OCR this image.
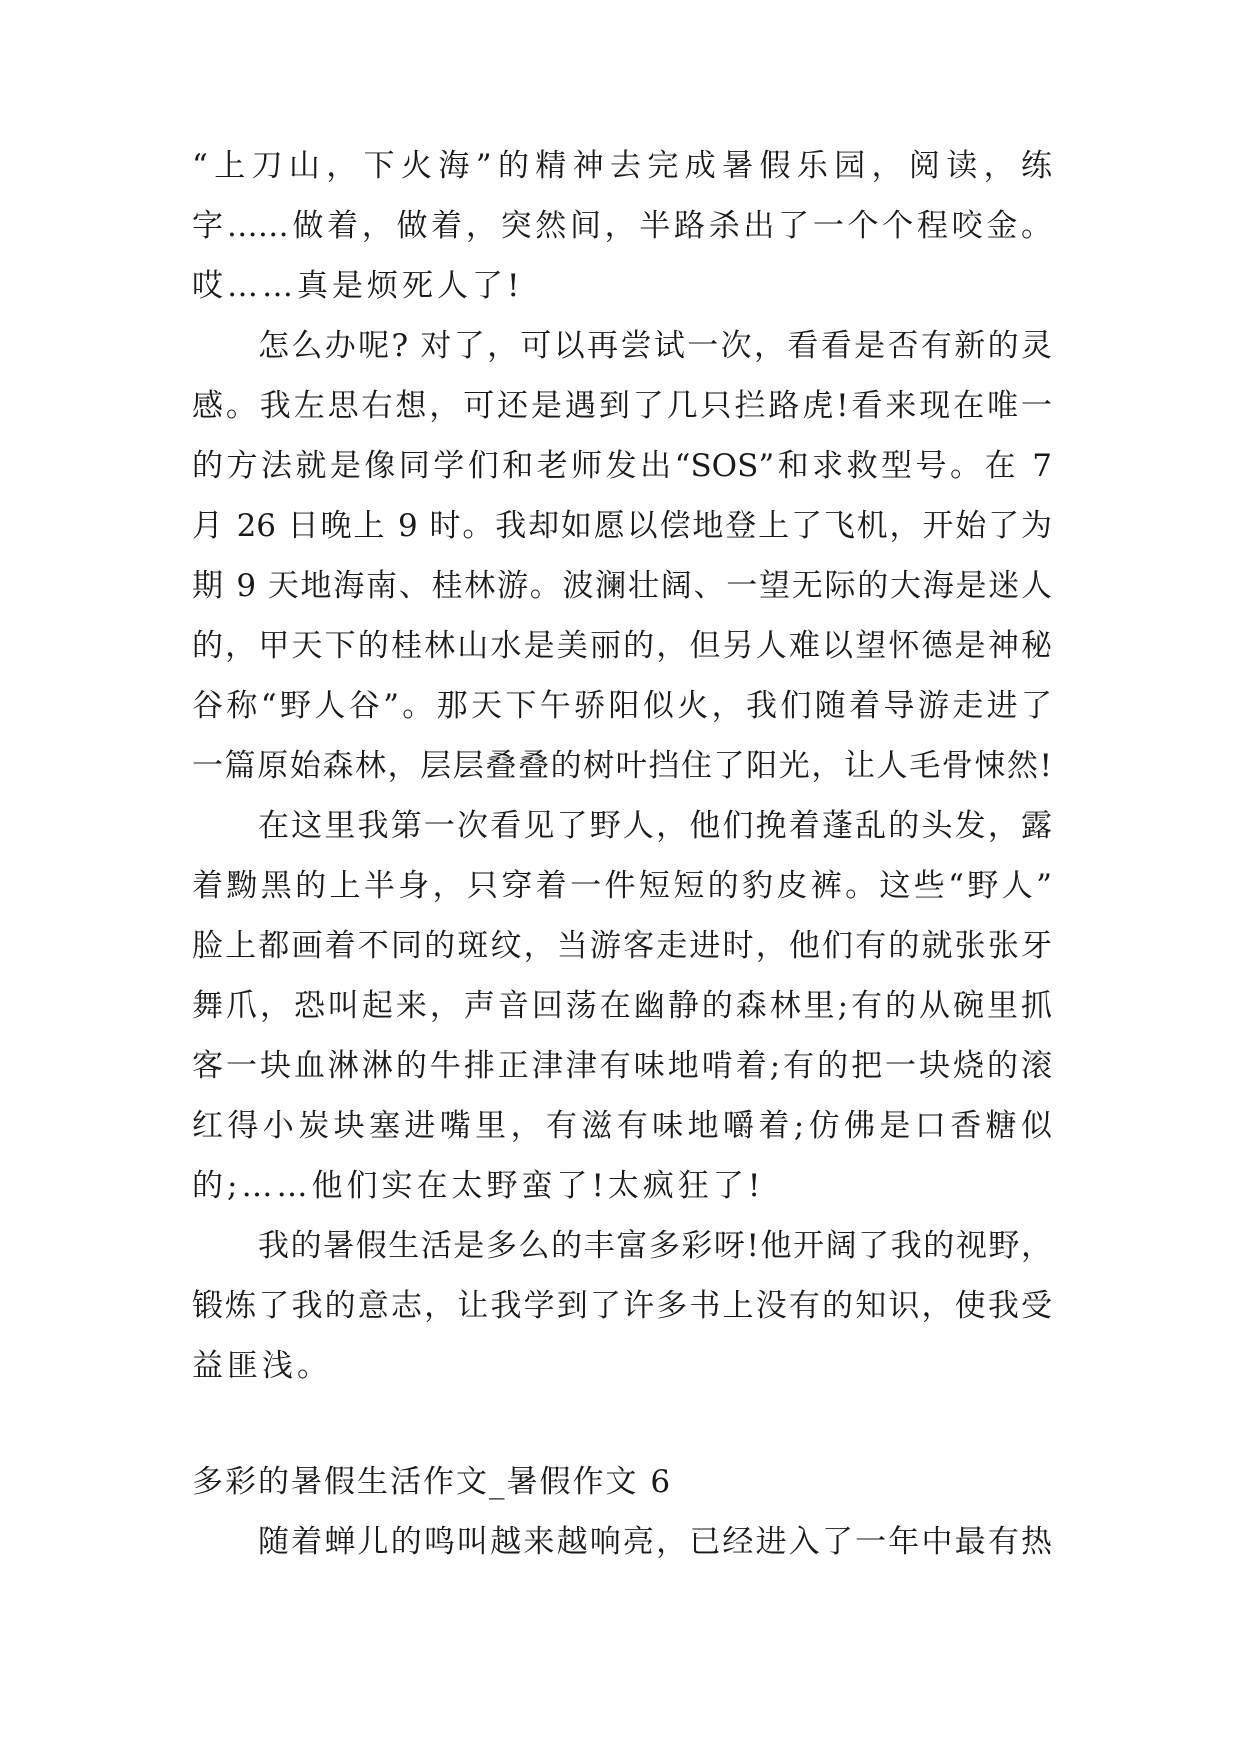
“上刀山，下火海”的精神去完成暑假乐园，阅读，练
字……做着，做着，突然间，半路杀出了一个个程咬金。
哎……真是烦死人了!
怎么办呢? 对了，可以再尝试一次，看看是否有新的灵
感。我左思右想，可还是遇到了几只拦路虎!看来现在唯一
的方法就是像同学们和老师发出“SOS”和求救型号。在 7
月 26 日晚上 9 时。我却如愿以偿地登上了飞机，开始了为
期 9 天地海南、桂林游。波澜壮阔、一望无际的大海是迷人
的，甲天下的桂林山水是美丽的，但另人难以望怀德是神秘
谷称“野人谷”。那天下午骄阳似火，我们随着导游走进了
一篇原始森林，层层叠叠的树叶挡住了阳光，让人毛骨悚然!
在这里我第一次看见了野人，他们挽着蓬乱的头发，露
着黝黑的上半身，只穿着一件短短的豹皮裤。这些“野人”
脸上都画着不同的斑纹，当游客走进时，他们有的就张张牙
舞爪，恐叫起来，声音回荡在幽静的森林里;有的从碗里抓
客一块血淋淋的牛排正津津有味地啃着;有的把一块烧的滚
红得小炭块塞进嘴里，有滋有味地嚼着;仿佛是口香糖似
的;……他们实在太野蛮了!太疯狂了!
我的暑假生活是多么的丰富多彩呀!他开阔了我的视野，
锻炼了我的意志，让我学到了许多书上没有的知识，使我受
益匪浅。
多彩的暑假生活作文_暑假作文 6
随着蝉儿的鸣叫越来越响亮，已经进入了一年中最有热
